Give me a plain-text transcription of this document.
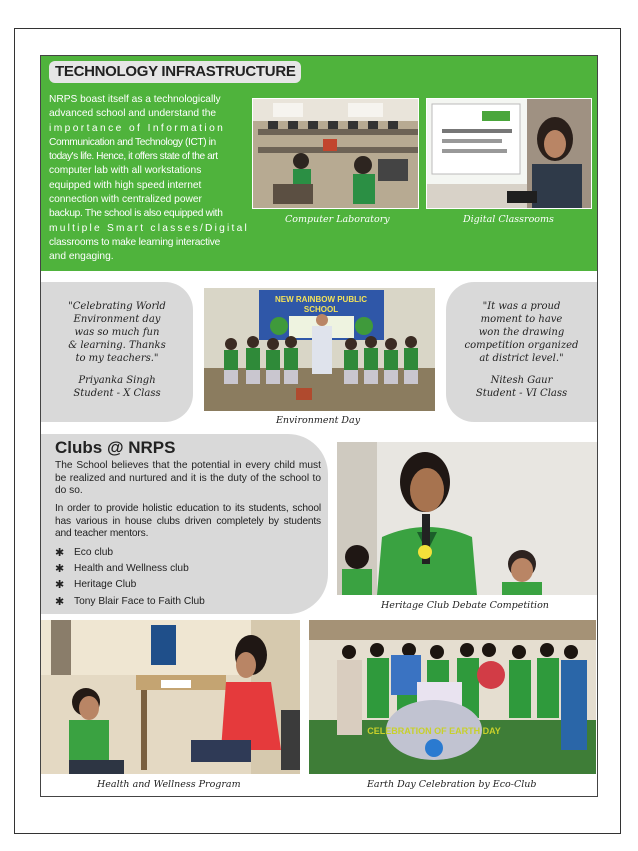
TECHNOLOGY INFRASTRUCTURE
NRPS boast itself as a technologically
advanced school and understand the
i m p o r t a n c e   o f   I n f o r m a t i o n
Communication and Technology (ICT) in
today's life. Hence, it offers state of the art
computer lab with all workstations
equipped with high speed internet
connection with centralized power
backup. The school is also equipped with
m u l t i p l e   S m a r t   c l a s s e s / D i g i t a l
classrooms to make learning interactive
and engaging.
Computer Laboratory	Digital Classrooms

"Celebrating World

Environment day

was so much fun

& learning. Thanks

to my teachers."

Priyanka Singh

Student - X Class

NEW RAINBOW PUBLIC
SCHOOL
Environment Day

"It was a proud

moment to have

won the drawing

competition organized

at district level."

Nitesh Gaur

Student - VI Class

Clubs @ NRPS
The School believes that the potential in every child must be realized and nurtured and it is the duty of the school to do so.
In order to provide holistic education to its students, school has various in house clubs driven completely by students and teacher mentors.
✱ Eco club
✱ Health and Wellness club
✱ Heritage Club
✱ Tony Blair Face to Faith Club	Heritage Club Debate Competition
Health and Wellness Program
CELEBRATION OF EARTH DAY
Earth Day Celebration by Eco-Club
